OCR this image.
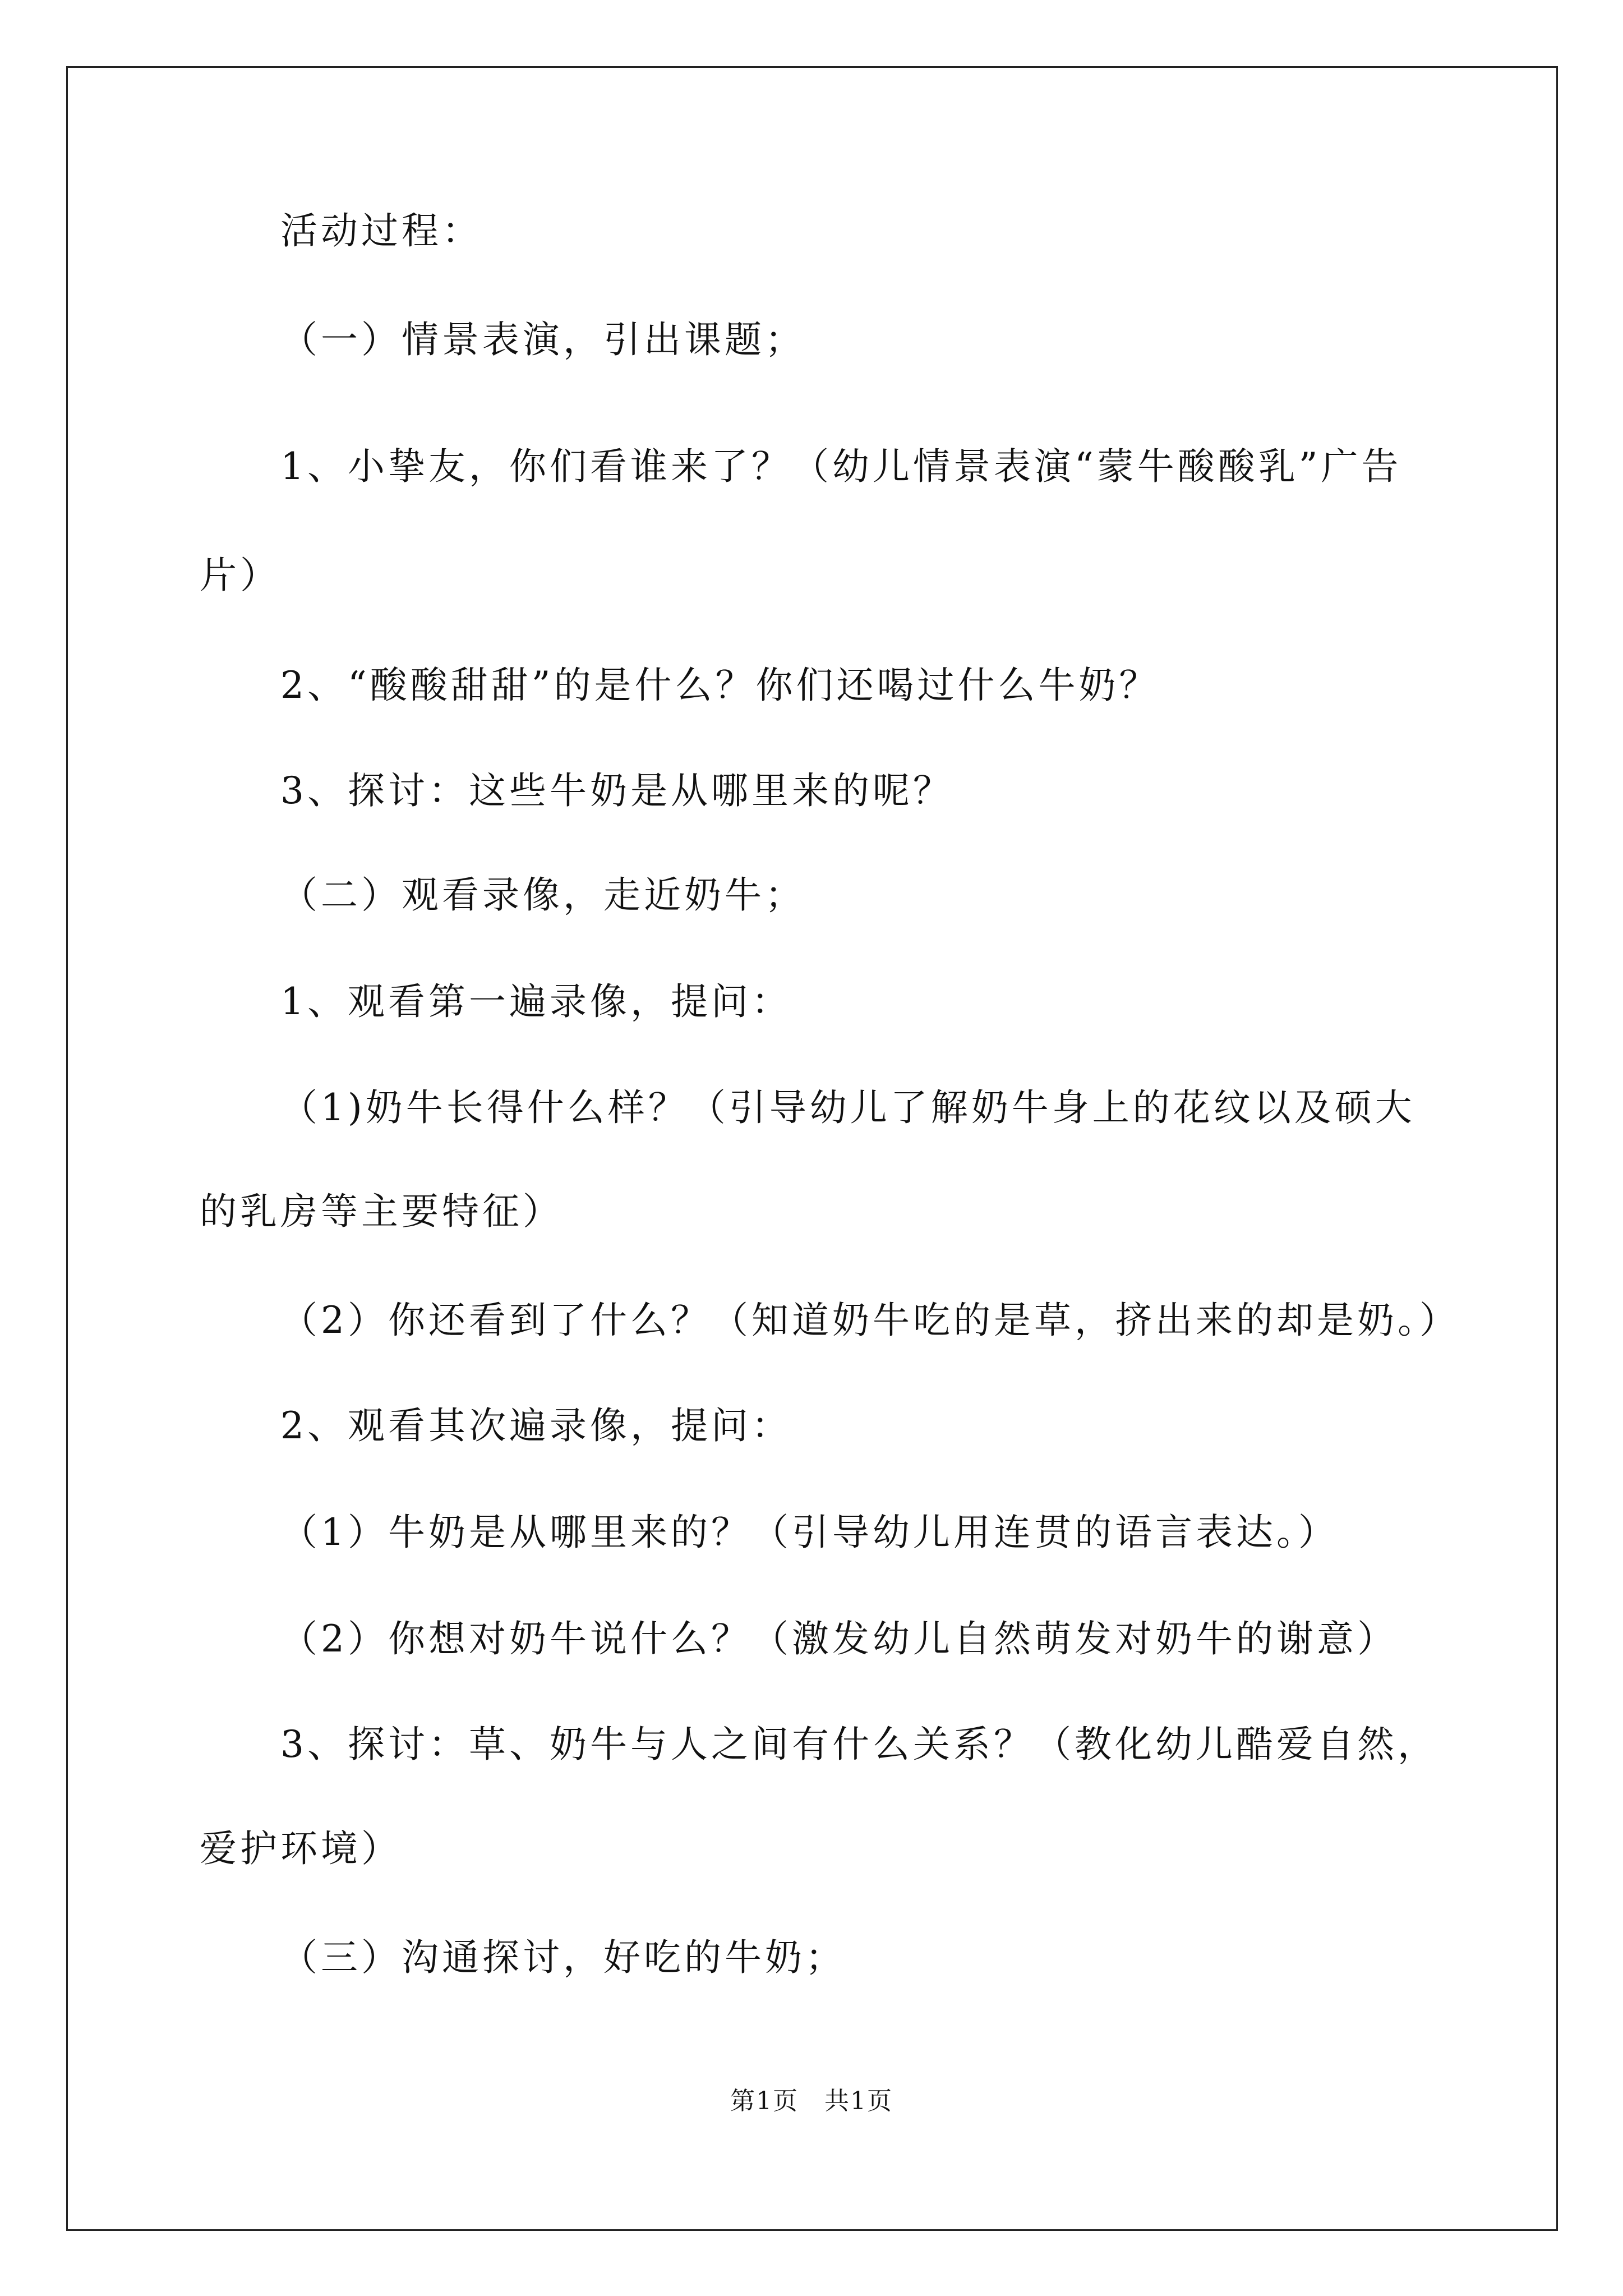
活动过程：
（一）情景表演，引出课题；
1、小挚友，你们看谁来了？（幼儿情景表演“蒙牛酸酸乳”广告
片）
2、“酸酸甜甜”的是什么？你们还喝过什么牛奶？
3、探讨：这些牛奶是从哪里来的呢？
（二）观看录像，走近奶牛；
1、观看第一遍录像，提问：
（1)奶牛长得什么样？（引导幼儿了解奶牛身上的花纹以及硕大
的乳房等主要特征）
（2）你还看到了什么？（知道奶牛吃的是草，挤出来的却是奶。）
2、观看其次遍录像，提问：
（1）牛奶是从哪里来的？（引导幼儿用连贯的语言表达。）
（2）你想对奶牛说什么？（激发幼儿自然萌发对奶牛的谢意）
3、探讨：草、奶牛与人之间有什么关系？（教化幼儿酷爱自然，
爱护环境）
（三）沟通探讨，好吃的牛奶；
第1页 共1页
